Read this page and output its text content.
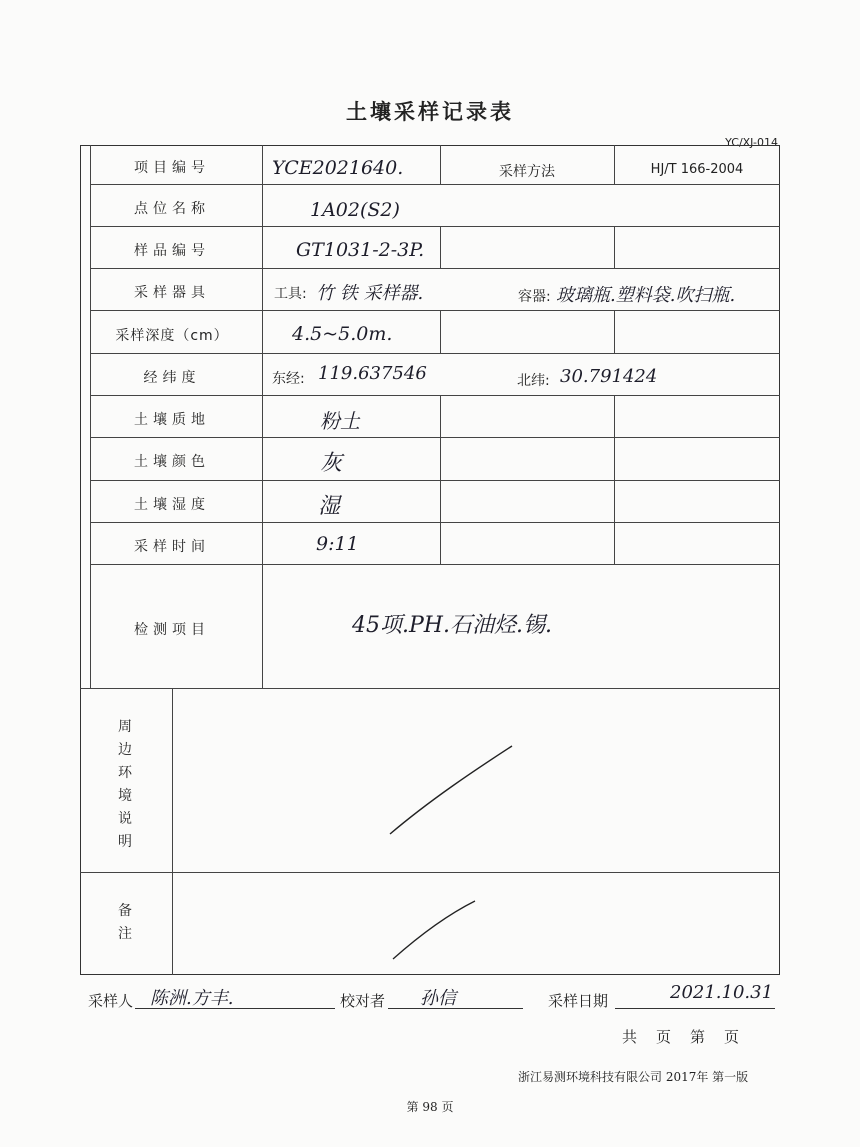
土壤采样记录表
YC/XJ-014
项目编号	YCE2021640.	采样方法	HJ/T 166-2004
点位名称	1A02(S2)
样品编号	GT1031-2-3P.
采样器具	工具: 竹 铁 采样器.	容器: 玻璃瓶.塑料袋.吹扫瓶.
采样深度（cm）	4.5~5.0m.
经纬度	东经: 119.637546	北纬: 30.791424
土壤质地	粉土
土壤颜色	灰
土壤湿度	湿
采样时间	9:11
检测项目	45项.PH.石油烃.锡.
周
边
环
境
说
明
备
注
采样人 陈洲.方丰.	校对者 孙信	采样日期	2021.10.31
共　页　第　页
浙江易测环境科技有限公司 2017年 第一版
第 98 页
